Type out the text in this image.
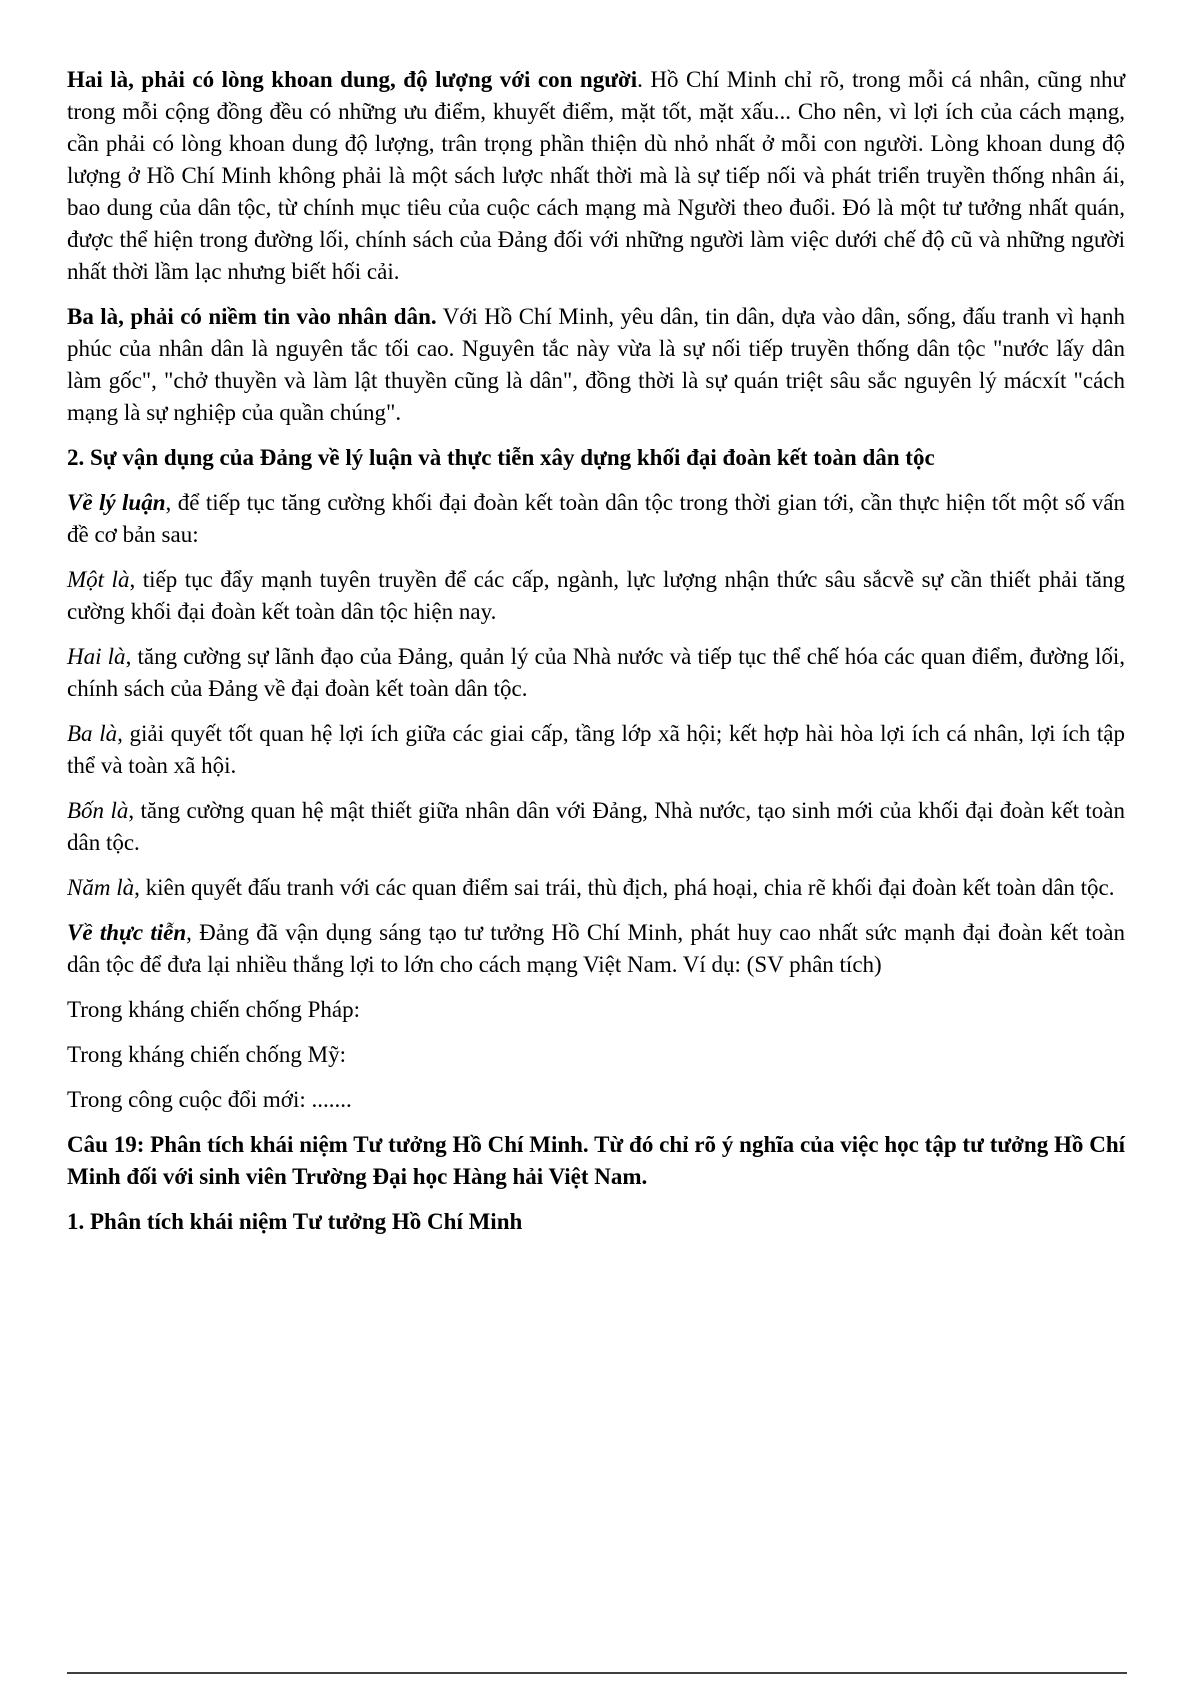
Hai là, phải có lòng khoan dung, độ lượng với con người. Hồ Chí Minh chỉ rõ, trong mỗi cá nhân, cũng như trong mỗi cộng đồng đều có những ưu điểm, khuyết điểm, mặt tốt, mặt xấu... Cho nên, vì lợi ích của cách mạng, cần phải có lòng khoan dung độ lượng, trân trọng phần thiện dù nhỏ nhất ở mỗi con người. Lòng khoan dung độ lượng ở Hồ Chí Minh không phải là một sách lược nhất thời mà là sự tiếp nối và phát triển truyền thống nhân ái, bao dung của dân tộc, từ chính mục tiêu của cuộc cách mạng mà Người theo đuổi. Đó là một tư tưởng nhất quán, được thể hiện trong đường lối, chính sách của Đảng đối với những người làm việc dưới chế độ cũ và những người nhất thời lầm lạc nhưng biết hối cải.

Ba là, phải có niềm tin vào nhân dân. Với Hồ Chí Minh, yêu dân, tin dân, dựa vào dân, sống, đấu tranh vì hạnh phúc của nhân dân là nguyên tắc tối cao. Nguyên tắc này vừa là sự nối tiếp truyền thống dân tộc "nước lấy dân làm gốc", "chở thuyền và làm lật thuyền cũng là dân", đồng thời là sự quán triệt sâu sắc nguyên lý mácxít "cách mạng là sự nghiệp của quần chúng".

2. Sự vận dụng của Đảng về lý luận và thực tiễn xây dựng khối đại đoàn kết toàn dân tộc

Về lý luận, để tiếp tục tăng cường khối đại đoàn kết toàn dân tộc trong thời gian tới, cần thực hiện tốt một số vấn đề cơ bản sau:

Một là, tiếp tục đẩy mạnh tuyên truyền để các cấp, ngành, lực lượng nhận thức sâu sắcvề sự cần thiết phải tăng cường khối đại đoàn kết toàn dân tộc hiện nay.

Hai là, tăng cường sự lãnh đạo của Đảng, quản lý của Nhà nước và tiếp tục thể chế hóa các quan điểm, đường lối, chính sách của Đảng về đại đoàn kết toàn dân tộc.

Ba là, giải quyết tốt quan hệ lợi ích giữa các giai cấp, tầng lớp xã hội; kết hợp hài hòa lợi ích cá nhân, lợi ích tập thể và toàn xã hội.

Bốn là, tăng cường quan hệ mật thiết giữa nhân dân với Đảng, Nhà nước, tạo sinh mới của khối đại đoàn kết toàn dân tộc.

Năm là, kiên quyết đấu tranh với các quan điểm sai trái, thù địch, phá hoại, chia rẽ khối đại đoàn kết toàn dân tộc.

Về thực tiễn, Đảng đã vận dụng sáng tạo tư tưởng Hồ Chí Minh, phát huy cao nhất sức mạnh đại đoàn kết toàn dân tộc để đưa lại nhiều thắng lợi to lớn cho cách mạng Việt Nam. Ví dụ: (SV phân tích)

Trong kháng chiến chống Pháp:

Trong kháng chiến chống Mỹ:

Trong công cuộc đổi mới: .......

Câu 19: Phân tích khái niệm Tư tưởng Hồ Chí Minh. Từ đó chỉ rõ ý nghĩa của việc học tập tư tưởng Hồ Chí Minh đối với sinh viên Trường Đại học Hàng hải Việt Nam.

1. Phân tích khái niệm Tư tưởng Hồ Chí Minh
